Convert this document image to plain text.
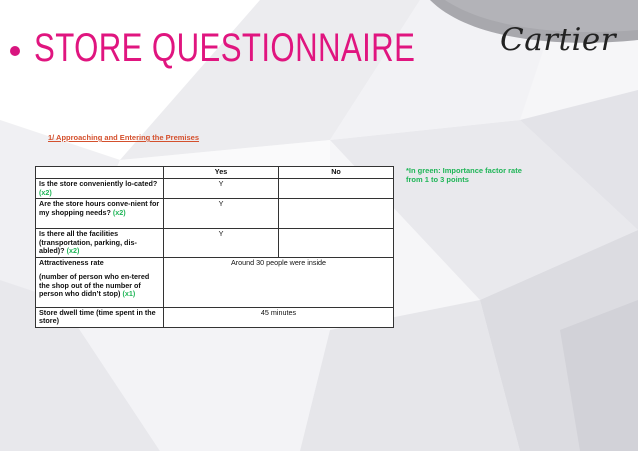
STORE QUESTIONNAIRE	Cartier
1/ Approaching and Entering the Premises
*In green: Importance factor rate from 1 to 3 points
	Yes	No
Is the store conveniently lo-cated? (x2)	Y	
Are the store hours conve-nient for my shopping needs? (x2)	Y	
Is there all the facilities (transportation, parking, dis-abled)? (x2)	Y	

Attractiveness rate
(number of person who en-tered the shop out of the number of person who didn’t stop) (x1)	Around 30 people were inside	
Store dwell time (time spent in the store)	45 minutes	
